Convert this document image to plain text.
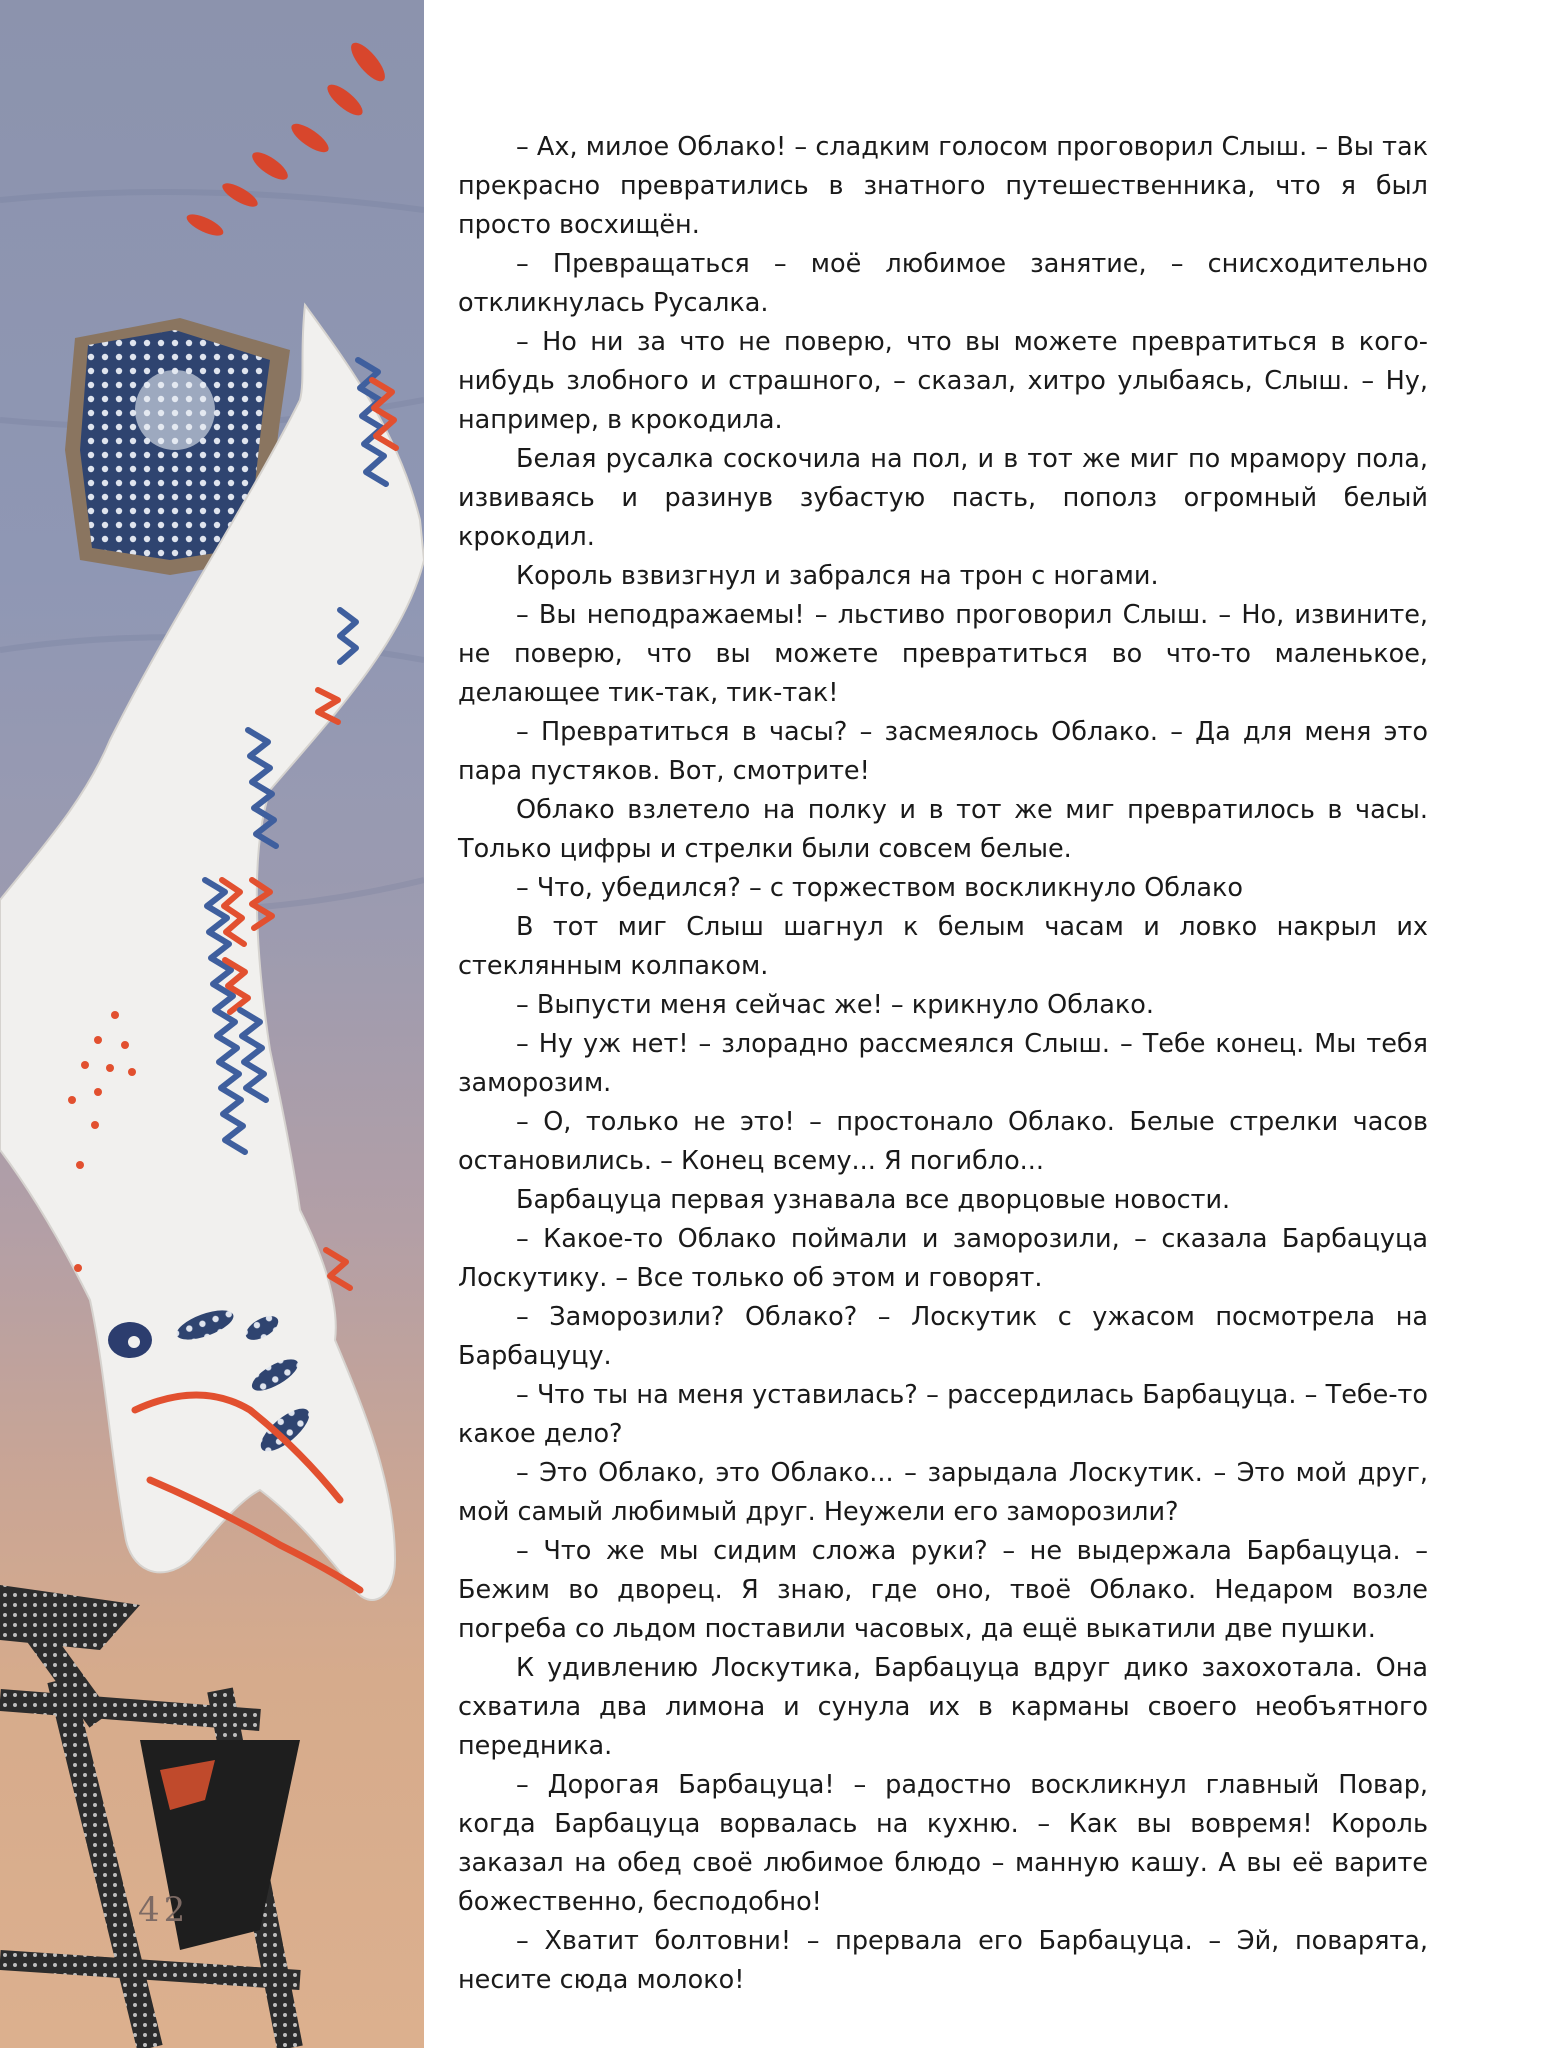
42

– Ах, милое Облако! – сладким голосом проговорил Слыш. – Вы так прекрасно превратились в знатного путешественника, что я был просто восхищён.

– Превращаться – моё любимое занятие, – снисходительно откликнулась Русалка.

– Но ни за что не поверю, что вы можете превратиться в кого-нибудь злобного и страшного, – сказал, хитро улыбаясь, Слыш. – Ну, например, в крокодила.

Белая русалка соскочила на пол, и в тот же миг по мрамору пола, извиваясь и разинув зубастую пасть, пополз огромный белый крокодил.

Король взвизгнул и забрался на трон с ногами.

– Вы неподражаемы! – льстиво проговорил Слыш. – Но, извините, не поверю, что вы можете превратиться во что-то маленькое, делающее тик-так, тик-так!

– Превратиться в часы? – засмеялось Облако. – Да для меня это пара пустяков. Вот, смотрите!

Облако взлетело на полку и в тот же миг превратилось в часы. Только цифры и стрелки были совсем белые.

– Что, убедился? – с торжеством воскликнуло Облако

В тот миг Слыш шагнул к белым часам и ловко накрыл их стеклянным колпаком.

– Выпусти меня сейчас же! – крикнуло Облако.

– Ну уж нет! – злорадно рассмеялся Слыш. – Тебе конец. Мы тебя заморозим.

– О, только не это! – простонало Облако. Белые стрелки часов остановились. – Конец всему... Я погибло...

Барбацуца первая узнавала все дворцовые новости.

– Какое-то Облако поймали и заморозили, – сказала Барбацуца Лоскутику. – Все только об этом и говорят.

– Заморозили? Облако? – Лоскутик с ужасом посмотрела на Барбацуцу.

– Что ты на меня уставилась? – рассердилась Барбацуца. – Тебе-то какое дело?

– Это Облако, это Облако... – зарыдала Лоскутик. – Это мой друг, мой самый любимый друг. Неужели его заморозили?

– Что же мы сидим сложа руки? – не выдержала Барбацуца. – Бежим во дворец. Я знаю, где оно, твоё Облако. Недаром возле погреба со льдом поставили часовых, да ещё выкатили две пушки.

К удивлению Лоскутика, Барбацуца вдруг дико захохотала. Она схватила два лимона и сунула их в карманы своего необъятного передника.

– Дорогая Барбацуца! – радостно воскликнул главный Повар, когда Барбацуца ворвалась на кухню. – Как вы вовремя! Король заказал на обед своё любимое блюдо – манную кашу. А вы её варите божественно, бесподобно!

– Хватит болтовни! – прервала его Барбацуца. – Эй, поварята, несите сюда молоко!
